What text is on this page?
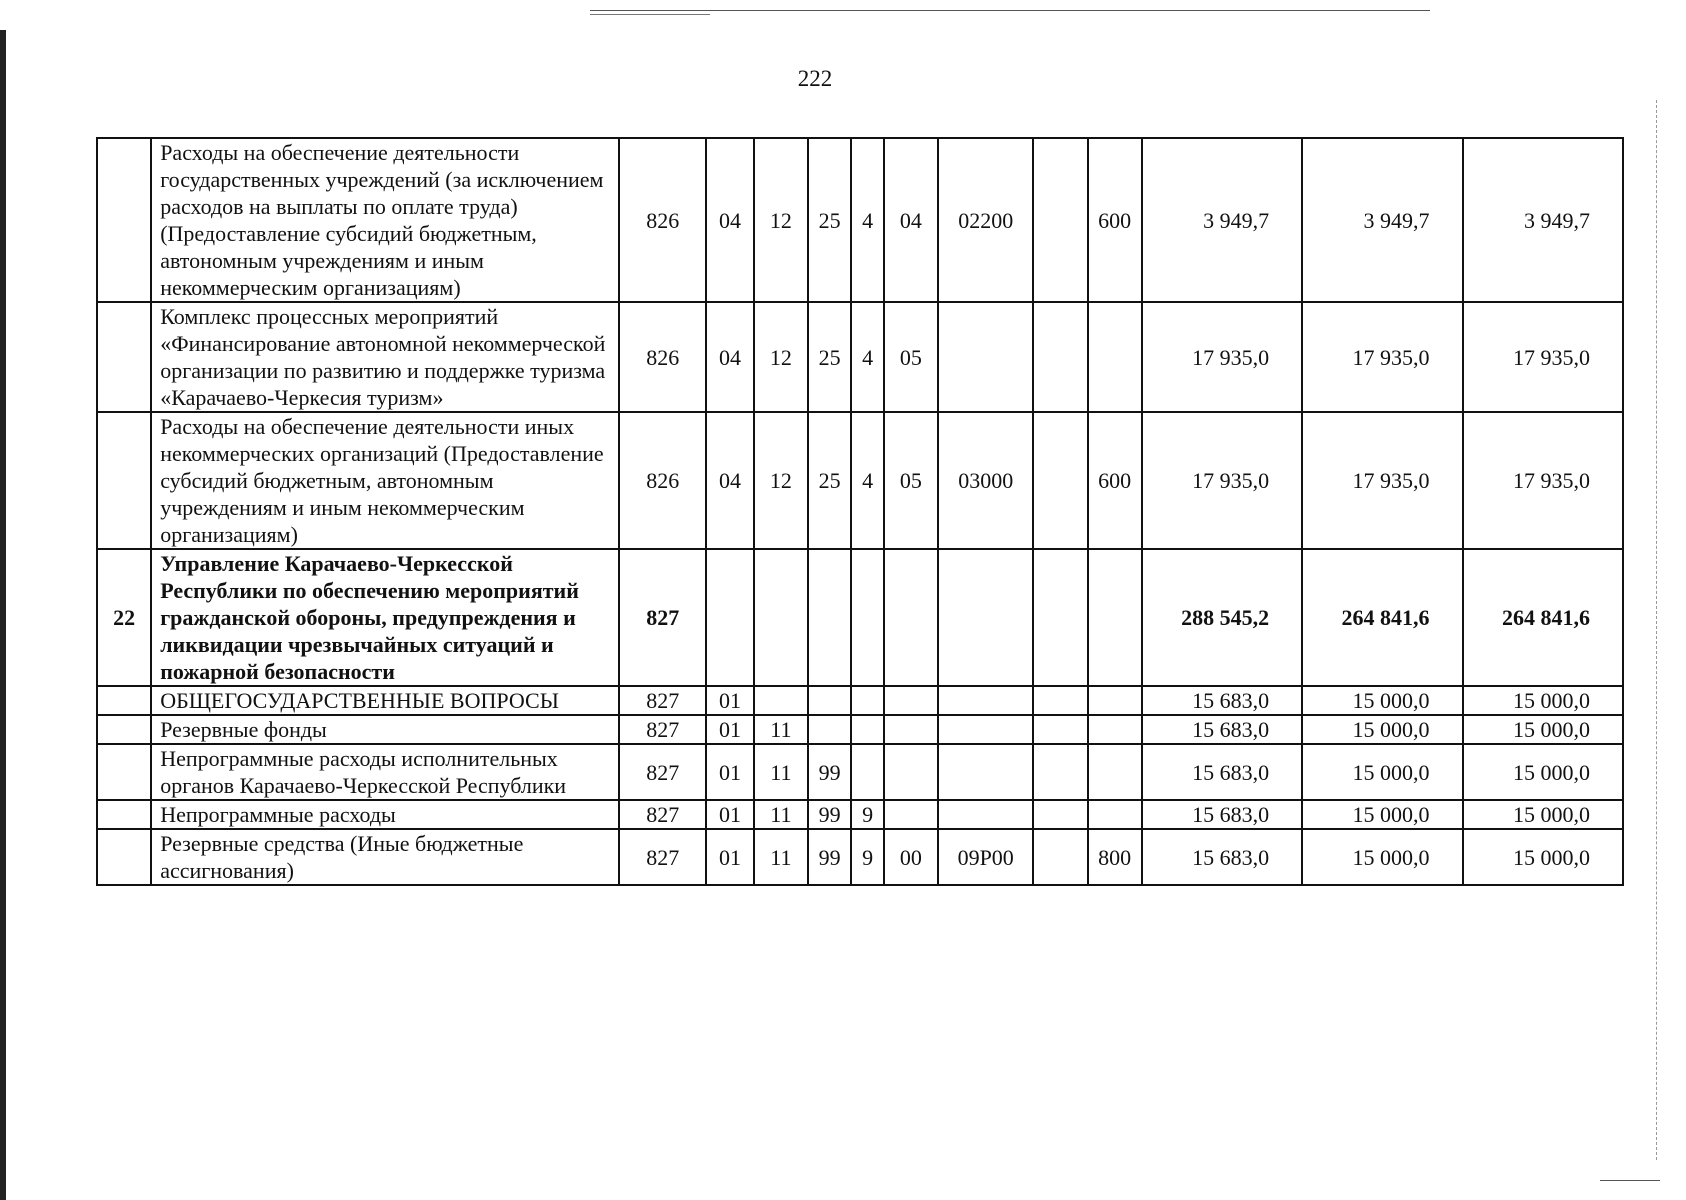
222
	Расходы на обеспечение деятельности государственных учреждений (за исключением расходов на выплаты по оплате труда) (Предоставление субсидий бюджетным, автономным учреждениям и иным некоммерческим организациям)	826	04	12	25	4	04	02200		600	3 949,7	3 949,7	3 949,7
	Комплекс процессных мероприятий «Финансирование автономной некоммерческой организации по развитию и поддержке туризма «Карачаево-Черкесия туризм»	826	04	12	25	4	05				17 935,0	17 935,0	17 935,0
	Расходы на обеспечение деятельности иных некоммерческих организаций (Предоставление субсидий бюджетным, автономным учреждениям и иным некоммерческим организациям)	826	04	12	25	4	05	03000		600	17 935,0	17 935,0	17 935,0
22	Управление Карачаево-Черкесской Республики по обеспечению мероприятий гражданской обороны, предупреждения и ликвидации чрезвычайных ситуаций и пожарной безопасности	827									288 545,2	264 841,6	264 841,6
	ОБЩЕГОСУДАРСТВЕННЫЕ ВОПРОСЫ	827	01								15 683,0	15 000,0	15 000,0
	Резервные фонды	827	01	11							15 683,0	15 000,0	15 000,0
	Непрограммные расходы исполнительных органов Карачаево-Черкесской Республики	827	01	11	99						15 683,0	15 000,0	15 000,0
	Непрограммные расходы	827	01	11	99	9					15 683,0	15 000,0	15 000,0
	Резервные средства (Иные бюджетные ассигнования)	827	01	11	99	9	00	09Р00		800	15 683,0	15 000,0	15 000,0
